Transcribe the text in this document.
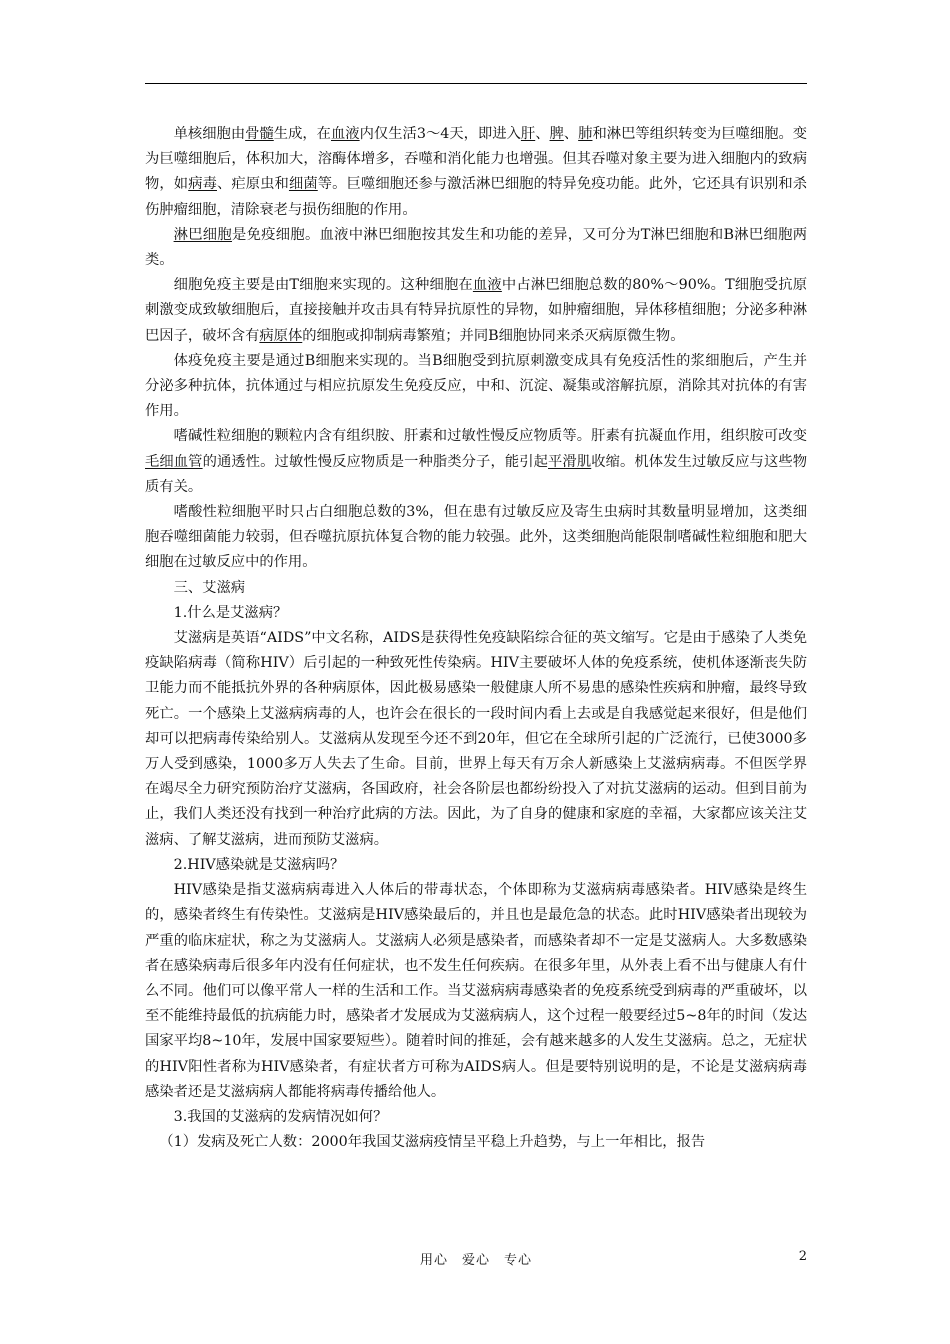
单核细胞由骨髓生成，在血液内仅生活3～4天，即进入肝、脾、肺和淋巴等组织转变为巨噬细胞。变为巨噬细胞后，体积加大，溶酶体增多，吞噬和消化能力也增强。但其吞噬对象主要为进入细胞内的致病物，如病毒、疟原虫和细菌等。巨噬细胞还参与激活淋巴细胞的特异免疫功能。此外，它还具有识别和杀伤肿瘤细胞，清除衰老与损伤细胞的作用。

淋巴细胞是免疫细胞。血液中淋巴细胞按其发生和功能的差异，又可分为T淋巴细胞和B淋巴细胞两类。

细胞免疫主要是由T细胞来实现的。这种细胞在血液中占淋巴细胞总数的80%～90%。T细胞受抗原刺激变成致敏细胞后，直接接触并攻击具有特异抗原性的异物，如肿瘤细胞，异体移植细胞；分泌多种淋巴因子，破坏含有病原体的细胞或抑制病毒繁殖；并同B细胞协同来杀灭病原微生物。

体疫免疫主要是通过B细胞来实现的。当B细胞受到抗原刺激变成具有免疫活性的浆细胞后，产生并分泌多种抗体，抗体通过与相应抗原发生免疫反应，中和、沉淀、凝集或溶解抗原，消除其对抗体的有害作用。

嗜碱性粒细胞的颗粒内含有组织胺、肝素和过敏性慢反应物质等。肝素有抗凝血作用，组织胺可改变毛细血管的通透性。过敏性慢反应物质是一种脂类分子，能引起平滑肌收缩。机体发生过敏反应与这些物质有关。

嗜酸性粒细胞平时只占白细胞总数的3%，但在患有过敏反应及寄生虫病时其数量明显增加，这类细胞吞噬细菌能力较弱，但吞噬抗原抗体复合物的能力较强。此外，这类细胞尚能限制嗜碱性粒细胞和肥大细胞在过敏反应中的作用。

三、艾滋病

1.什么是艾滋病？

艾滋病是英语“AIDS”中文名称，AIDS是获得性免疫缺陷综合征的英文缩写。它是由于感染了人类免疫缺陷病毒（简称HIV）后引起的一种致死性传染病。HIV主要破坏人体的免疫系统，使机体逐渐丧失防卫能力而不能抵抗外界的各种病原体，因此极易感染一般健康人所不易患的感染性疾病和肿瘤，最终导致死亡。一个感染上艾滋病病毒的人，也许会在很长的一段时间内看上去或是自我感觉起来很好，但是他们却可以把病毒传染给别人。艾滋病从发现至今还不到20年，但它在全球所引起的广泛流行，已使3000多万人受到感染，1000多万人失去了生命。目前，世界上每天有万余人新感染上艾滋病病毒。不但医学界在竭尽全力研究预防治疗艾滋病，各国政府，社会各阶层也都纷纷投入了对抗艾滋病的运动。但到目前为止，我们人类还没有找到一种治疗此病的方法。因此，为了自身的健康和家庭的幸福，大家都应该关注艾滋病、了解艾滋病，进而预防艾滋病。

2.HIV感染就是艾滋病吗？

HIV感染是指艾滋病病毒进入人体后的带毒状态，个体即称为艾滋病病毒感染者。HIV感染是终生的，感染者终生有传染性。艾滋病是HIV感染最后的，并且也是最危急的状态。此时HIV感染者出现较为严重的临床症状，称之为艾滋病人。艾滋病人必须是感染者，而感染者却不一定是艾滋病人。大多数感染者在感染病毒后很多年内没有任何症状，也不发生任何疾病。在很多年里，从外表上看不出与健康人有什么不同。他们可以像平常人一样的生活和工作。当艾滋病病毒感染者的免疫系统受到病毒的严重破坏，以至不能维持最低的抗病能力时，感染者才发展成为艾滋病病人，这个过程一般要经过5~8年的时间（发达国家平均8~10年，发展中国家要短些）。随着时间的推延，会有越来越多的人发生艾滋病。总之，无症状的HIV阳性者称为HIV感染者，有症状者方可称为AIDS病人。但是要特别说明的是，不论是艾滋病病毒感染者还是艾滋病病人都能将病毒传播给他人。

3.我国的艾滋病的发病情况如何？

（1）发病及死亡人数：2000年我国艾滋病疫情呈平稳上升趋势，与上一年相比，报告

用心 爱心 专心	2
